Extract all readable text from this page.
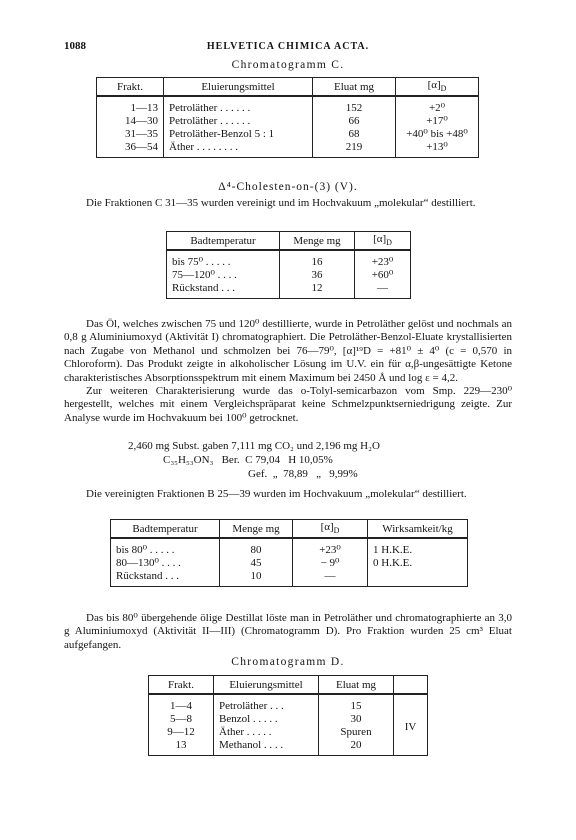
1088	HELVETICA CHIMICA ACTA.
Chromatogramm C.
Frakt.	Eluierungsmittel	Eluat mg	$[\alpha]_D$
1—13	Petroläther . . . . . .	152	+2⁰
14—30	Petroläther . . . . . .	66	+17⁰
31—35	Petroläther-Benzol 5 : 1	68	+40⁰ bis +48⁰
36—54	Äther . . . . . . . .	219	+13⁰
Δ⁴-Cholesten-on-(3) (V).

Die Fraktionen C 31—35 wurden vereinigt und im Hochvakuum „molekular“ destilliert.

Badtemperatur	Menge mg	$[\alpha]_D$
bis 75⁰ . . . . .	16	+23⁰
75—120⁰ . . . .	36	+60⁰
Rückstand . . .	12	—

Das Öl, welches zwischen 75 und 120⁰ destillierte, wurde in Petroläther gelöst und nochmals an 0,8 g Aluminiumoxyd (Aktivität I) chromatographiert. Die Petroläther-Benzol-Eluate krystallisierten nach Zugabe von Methanol und schmolzen bei 76—79⁰, [α]¹⁹D = +81⁰ ± 4⁰ (c = 0,570 in Chloroform). Das Produkt zeigte in alkoholischer Lösung im U.V. ein für α,β-ungesättigte Ketone charakteristisches Absorptionsspektrum mit einem Maximum bei 2450 Å und log ε = 4,2.

Zur weiteren Charakterisierung wurde das o-Tolyl-semicarbazon vom Smp. 229—230⁰ hergestellt, welches mit einem Vergleichspräparat keine Schmelzpunktserniedrigung zeigte. Zur Analyse wurde im Hochvakuum bei 100⁰ getrocknet.

2,460 mg Subst. gaben 7,111 mg CO₂ und 2,196 mg H₂O
C₃₅H₅₃ON₃   Ber.  C 79,04   H 10,05%
Gef.  „  78,89   „   9,99%

Die vereinigten Fraktionen B 25—39 wurden im Hochvakuum „molekular“ destilliert.

Badtemperatur	Menge mg	$[\alpha]_D$	Wirksamkeit/kg
bis 80⁰ . . . . .	80	+23⁰	1 H.K.E.
80—130⁰ . . . .	45	− 9⁰	0 H.K.E.
Rückstand . . .	10	—	

Das bis 80⁰ übergehende ölige Destillat löste man in Petroläther und chromatographierte an 3,0 g Aluminiumoxyd (Aktivität II—III) (Chromatogramm D). Pro Fraktion wurden 25 cm³ Eluat aufgefangen.

Chromatogramm D.
Frakt.	Eluierungsmittel	Eluat mg	
1—4	Petroläther . . .	15	IV
5—8	Benzol . . . . .	30	
9—12	Äther . . . . .	Spuren	
13	Methanol . . . .	20	
